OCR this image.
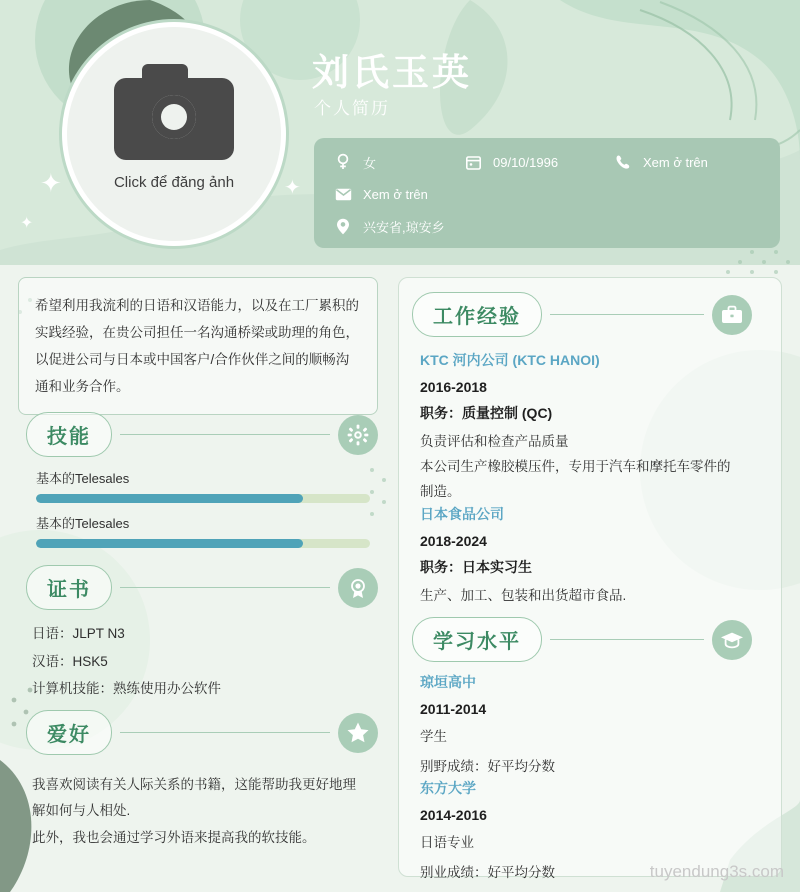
✦	✦
✦
Click để đăng ảnh
刘氏玉英
个人简历
女	09/10/1996	Xem ở trên
Xem ở trên
兴安省,琼安乡
希望利用我流利的日语和汉语能力，以及在工厂累积的实践经验，在贵公司担任一名沟通桥梁或助理的角色，以促进公司与日本或中国客户/合作伙伴之间的顺畅沟通和业务合作。
技能
基本的Telesales
基本的Telesales
证书
日语：JLPT N3
汉语：HSK5
计算机技能：熟练使用办公软件
爱好
我喜欢阅读有关人际关系的书籍，这能帮助我更好地理
解如何与人相处.
此外，我也会通过学习外语来提高我的软技能。
工作经验
KTC 河内公司 (KTC HANOI)
2016-2018
职务：质量控制 (QC)
负责评估和检查产品质量
本公司生产橡胶模压件，专用于汽车和摩托车零件的
制造。
日本食品公司
2018-2024
职务：日本实习生
生产、加工、包装和出货超市食品.
学习水平
琼垣高中
2011-2014
学生
别野成绩：好平均分数
东方大学
2014-2016
日语专业
别业成绩：好平均分数	tuyendung3s.com
